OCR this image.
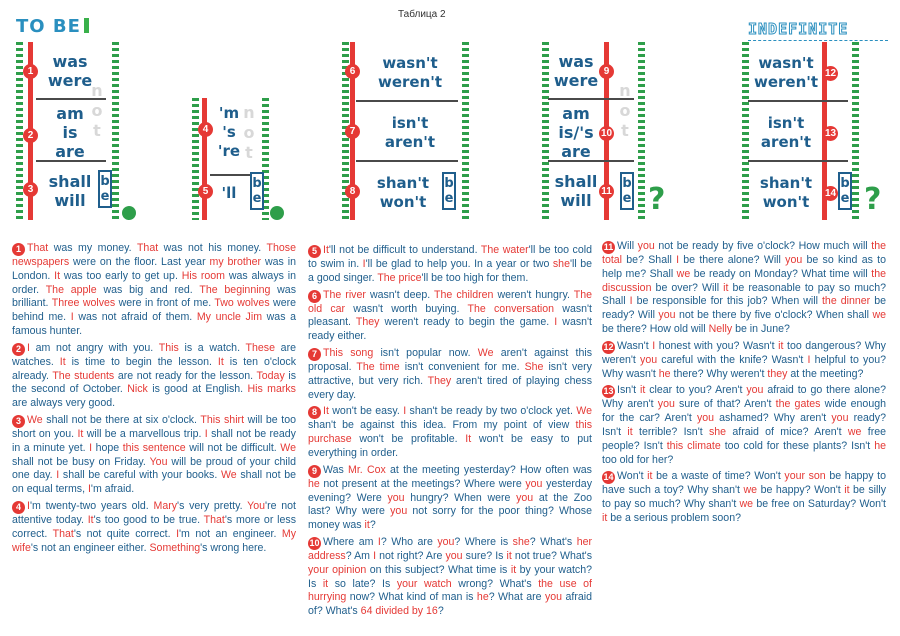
TO BE
Таблица 2
INDEFINITE
was
were
am
is
are
shall
will
1
2
3
n
o
t
b
e
'm
's
're
'll
4
5
n
o
t
b
e
wasn't
weren't
isn't
aren't
shan't
won't
6
7
8
b
e
was
were
am
is/'s
are
shall
will
9
10
11
n
o
t
b
e ?
wasn't
weren't
isn't
aren't
shan't
won't
12
13
14
b
e ?
1 That was my money. That was not his money. Those newspapers were on the floor. Last year my brother was in London. It was too early to get up. His room was always in order. The apple was big and red. The beginning was brilliant. Three wolves were in front of me. Two wolves were behind me. I was not afraid of them. My uncle Jim was a famous hunter.
2 I am not angry with you. This is a watch. These are watches. It is time to begin the lesson. It is ten o'clock already. The students are not ready for the lesson. Today is the second of October. Nick is good at English. His marks are always very good.
3 We shall not be there at six o'clock. This shirt will be too short on you. It will be a marvellous trip. I shall not be ready in a minute yet. I hope this sentence will not be difficult. We shall not be busy on Friday. You will be proud of your child one day. I shall be careful with your books. We shall not be on equal terms, I'm afraid.
4 I'm twenty-two years old. Mary's very pretty. You're not attentive today. It's too good to be true. That's more or less correct. That's not quite correct. I'm not an engineer. My wife's not an engineer either. Something's wrong here.
5 It'll not be difficult to understand. The water'll be too cold to swim in. I'll be glad to help you. In a year or two she'll be a good singer. The price'll be too high for them.
6 The river wasn't deep. The children weren't hungry. The old car wasn't worth buying. The conversation wasn't pleasant. They weren't ready to begin the game. I wasn't ready either.
7 This song isn't popular now. We aren't against this proposal. The time isn't convenient for me. She isn't very attractive, but very rich. They aren't tired of playing chess every day.
8 It won't be easy. I shan't be ready by two o'clock yet. We shan't be against this idea. From my point of view this purchase won't be profitable. It won't be easy to put everything in order.
9 Was Mr. Cox at the meeting yesterday? How often was he not present at the meetings? Where were you yesterday evening? Were you hungry? When were you at the Zoo last? Why were you not sorry for the poor thing? Whose money was it?
10 Where am I? Who are you? Where is she? What's her address? Am I not right? Are you sure? Is it not true? What's your opinion on this subject? What time is it by your watch? Is it so late? Is your watch wrong? What's the use of hurrying now? What kind of man is he? What are you afraid of? What's 64 divided by 16?
11 Will you not be ready by five o'clock? How much will the total be? Shall I be there alone? Will you be so kind as to help me? Shall we be ready on Monday? What time will the discussion be over? Will it be reasonable to pay so much? Shall I be responsible for this job? When will the dinner be ready? Will you not be there by five o'clock? When shall we be there? How old will Nelly be in June?
12 Wasn't I honest with you? Wasn't it too dangerous? Why weren't you careful with the knife? Wasn't I helpful to you? Why wasn't he there? Why weren't they at the meeting?
13 Isn't it clear to you? Aren't you afraid to go there alone? Why aren't you sure of that? Aren't the gates wide enough for the car? Aren't you ashamed? Why aren't you ready? Isn't it terrible? Isn't she afraid of mice? Aren't we free people? Isn't this climate too cold for these plants? Isn't he too old for her?
14 Won't it be a waste of time? Won't your son be happy to have such a toy? Why shan't we be happy? Won't it be silly to pay so much? Why shan't we be free on Saturday? Won't it be a serious problem soon?
